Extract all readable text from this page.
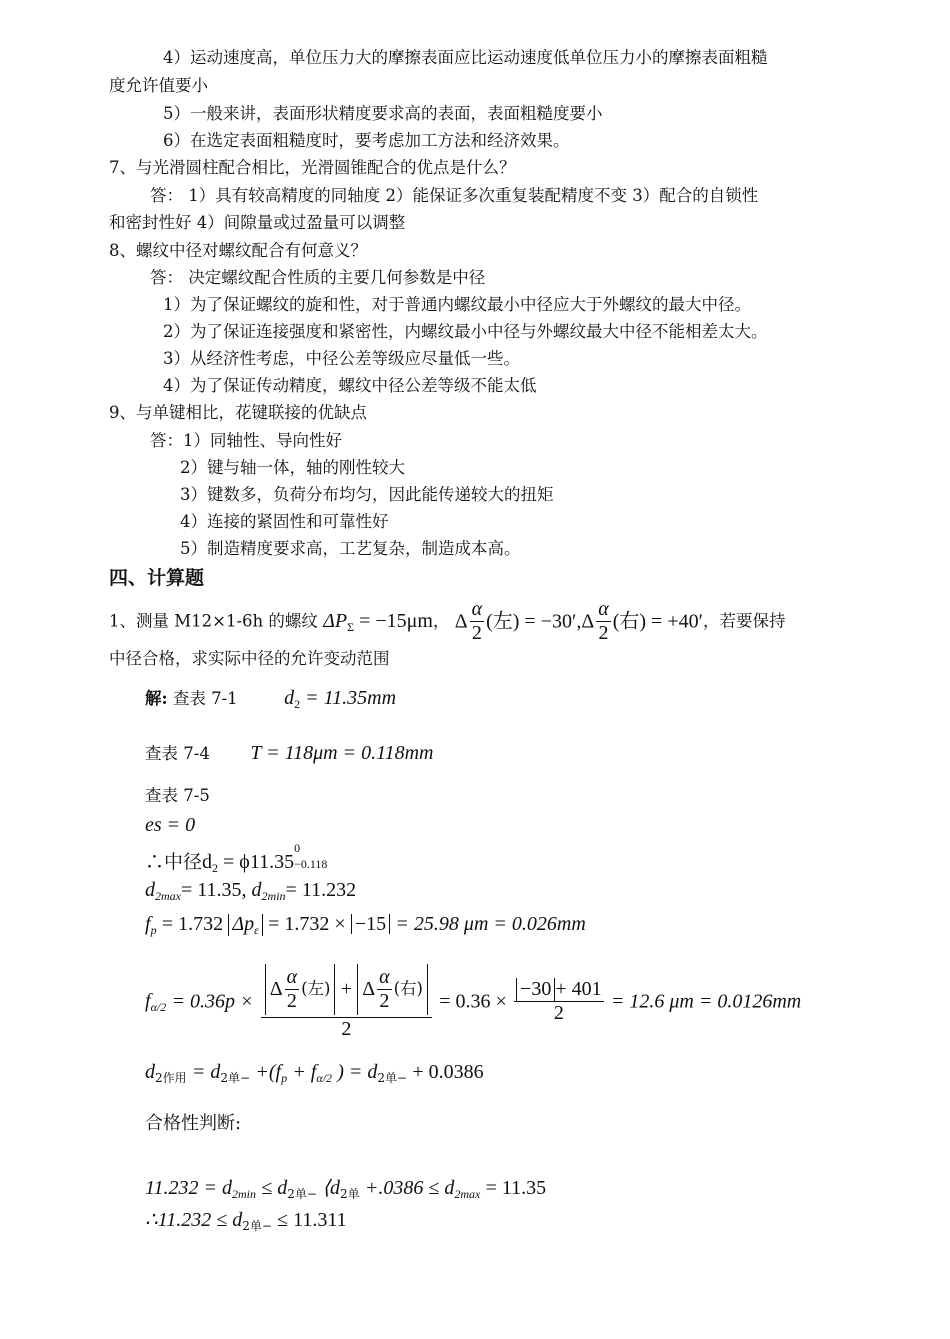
4）运动速度高，单位压力大的摩擦表面应比运动速度低单位压力小的摩擦表面粗糙
度允许值要小
5）一般来讲，表面形状精度要求高的表面，表面粗糙度要小
6）在选定表面粗糙度时，要考虑加工方法和经济效果。
7、与光滑圆柱配合相比，光滑圆锥配合的优点是什么？
答： 1）具有较高精度的同轴度 2）能保证多次重复装配精度不变 3）配合的自锁性
和密封性好 4）间隙量或过盈量可以调整
8、螺纹中径对螺纹配合有何意义？
答： 决定螺纹配合性质的主要几何参数是中径
1）为了保证螺纹的旋和性，对于普通内螺纹最小中径应大于外螺纹的最大中径。
2）为了保证连接强度和紧密性，内螺纹最小中径与外螺纹最大中径不能相差太大。
3）从经济性考虑，中径公差等级应尽量低一些。
4）为了保证传动精度，螺纹中径公差等级不能太低
9、与单键相比，花键联接的优缺点
答：1）同轴性、导向性好
2）键与轴一体，轴的刚性较大
3）键数多，负荷分布均匀，因此能传递较大的扭矩
4）连接的紧固性和可靠性好
5）制造精度要求高，工艺复杂，制造成本高。
四、计算题
1、测量 M12×1-6h 的螺纹 $\Delta P_\Sigma = -15\mu m$， Δ $\frac{\alpha}{2}$ (左) = $-30',\Delta \frac{\alpha}{2}$ (右) = +40′，若要保持
中径合格，求实际中径的允许变动范围
解: 查表 7-1 $d_2 = 11.35mm$
查表 7-4 T = 118μm = 0.118mm
查表 7-5
es = 0
∴中径$d_2 = \phi 11.35$
0
−0.118
$d_{2max}= 11.35$, $d_{2min}= 11.232$
$f_p = 1.732$ $\Delta p_\varepsilon = 1.732 \times -15 = 25.98$ μm = 0.026mm
$f_{\alpha/2} = 0.36p \times \frac{\Delta \frac{\alpha}{2} (左) + \Delta \frac{\alpha}{2} (右)}{2} = 0.36 \times \frac{-30 + 401}{2} = 12.6$ μm = 0.0126mm
$d_{2作用} = d_{2单-} +(f_p + f_{\alpha/2}$ ) = $d_{2单-} + 0.0386$
合格性判断:
$11.232 = d_{2min} \le d_{2单-}$ $⟨d_{2单} +.0386 \le d_{2max} = 11.35$
∴11.232 ≤ $d_{2单-} \le 11.311$
